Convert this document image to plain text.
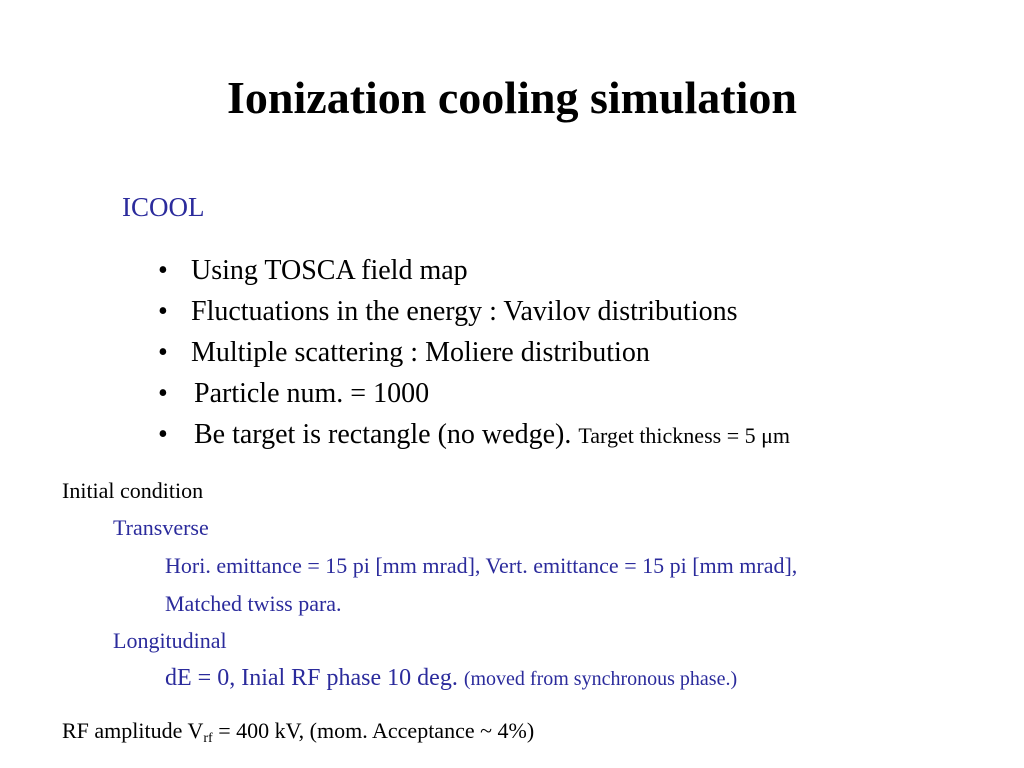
Ionization cooling simulation
ICOOL
• Using TOSCA field map
• Fluctuations in the energy : Vavilov distributions
• Multiple scattering : Moliere distribution
• Particle num. = 1000
• Be target is rectangle (no wedge). Target thickness = 5 μm
Initial condition
Transverse
Hori. emittance = 15 pi [mm mrad], Vert. emittance = 15 pi [mm mrad],
Matched twiss para.
Longitudinal
dE = 0, Inial RF phase 10 deg. (moved from synchronous phase.)
RF amplitude $V_{rf} = 400$ kV, (mom. Acceptance ~ 4%)
